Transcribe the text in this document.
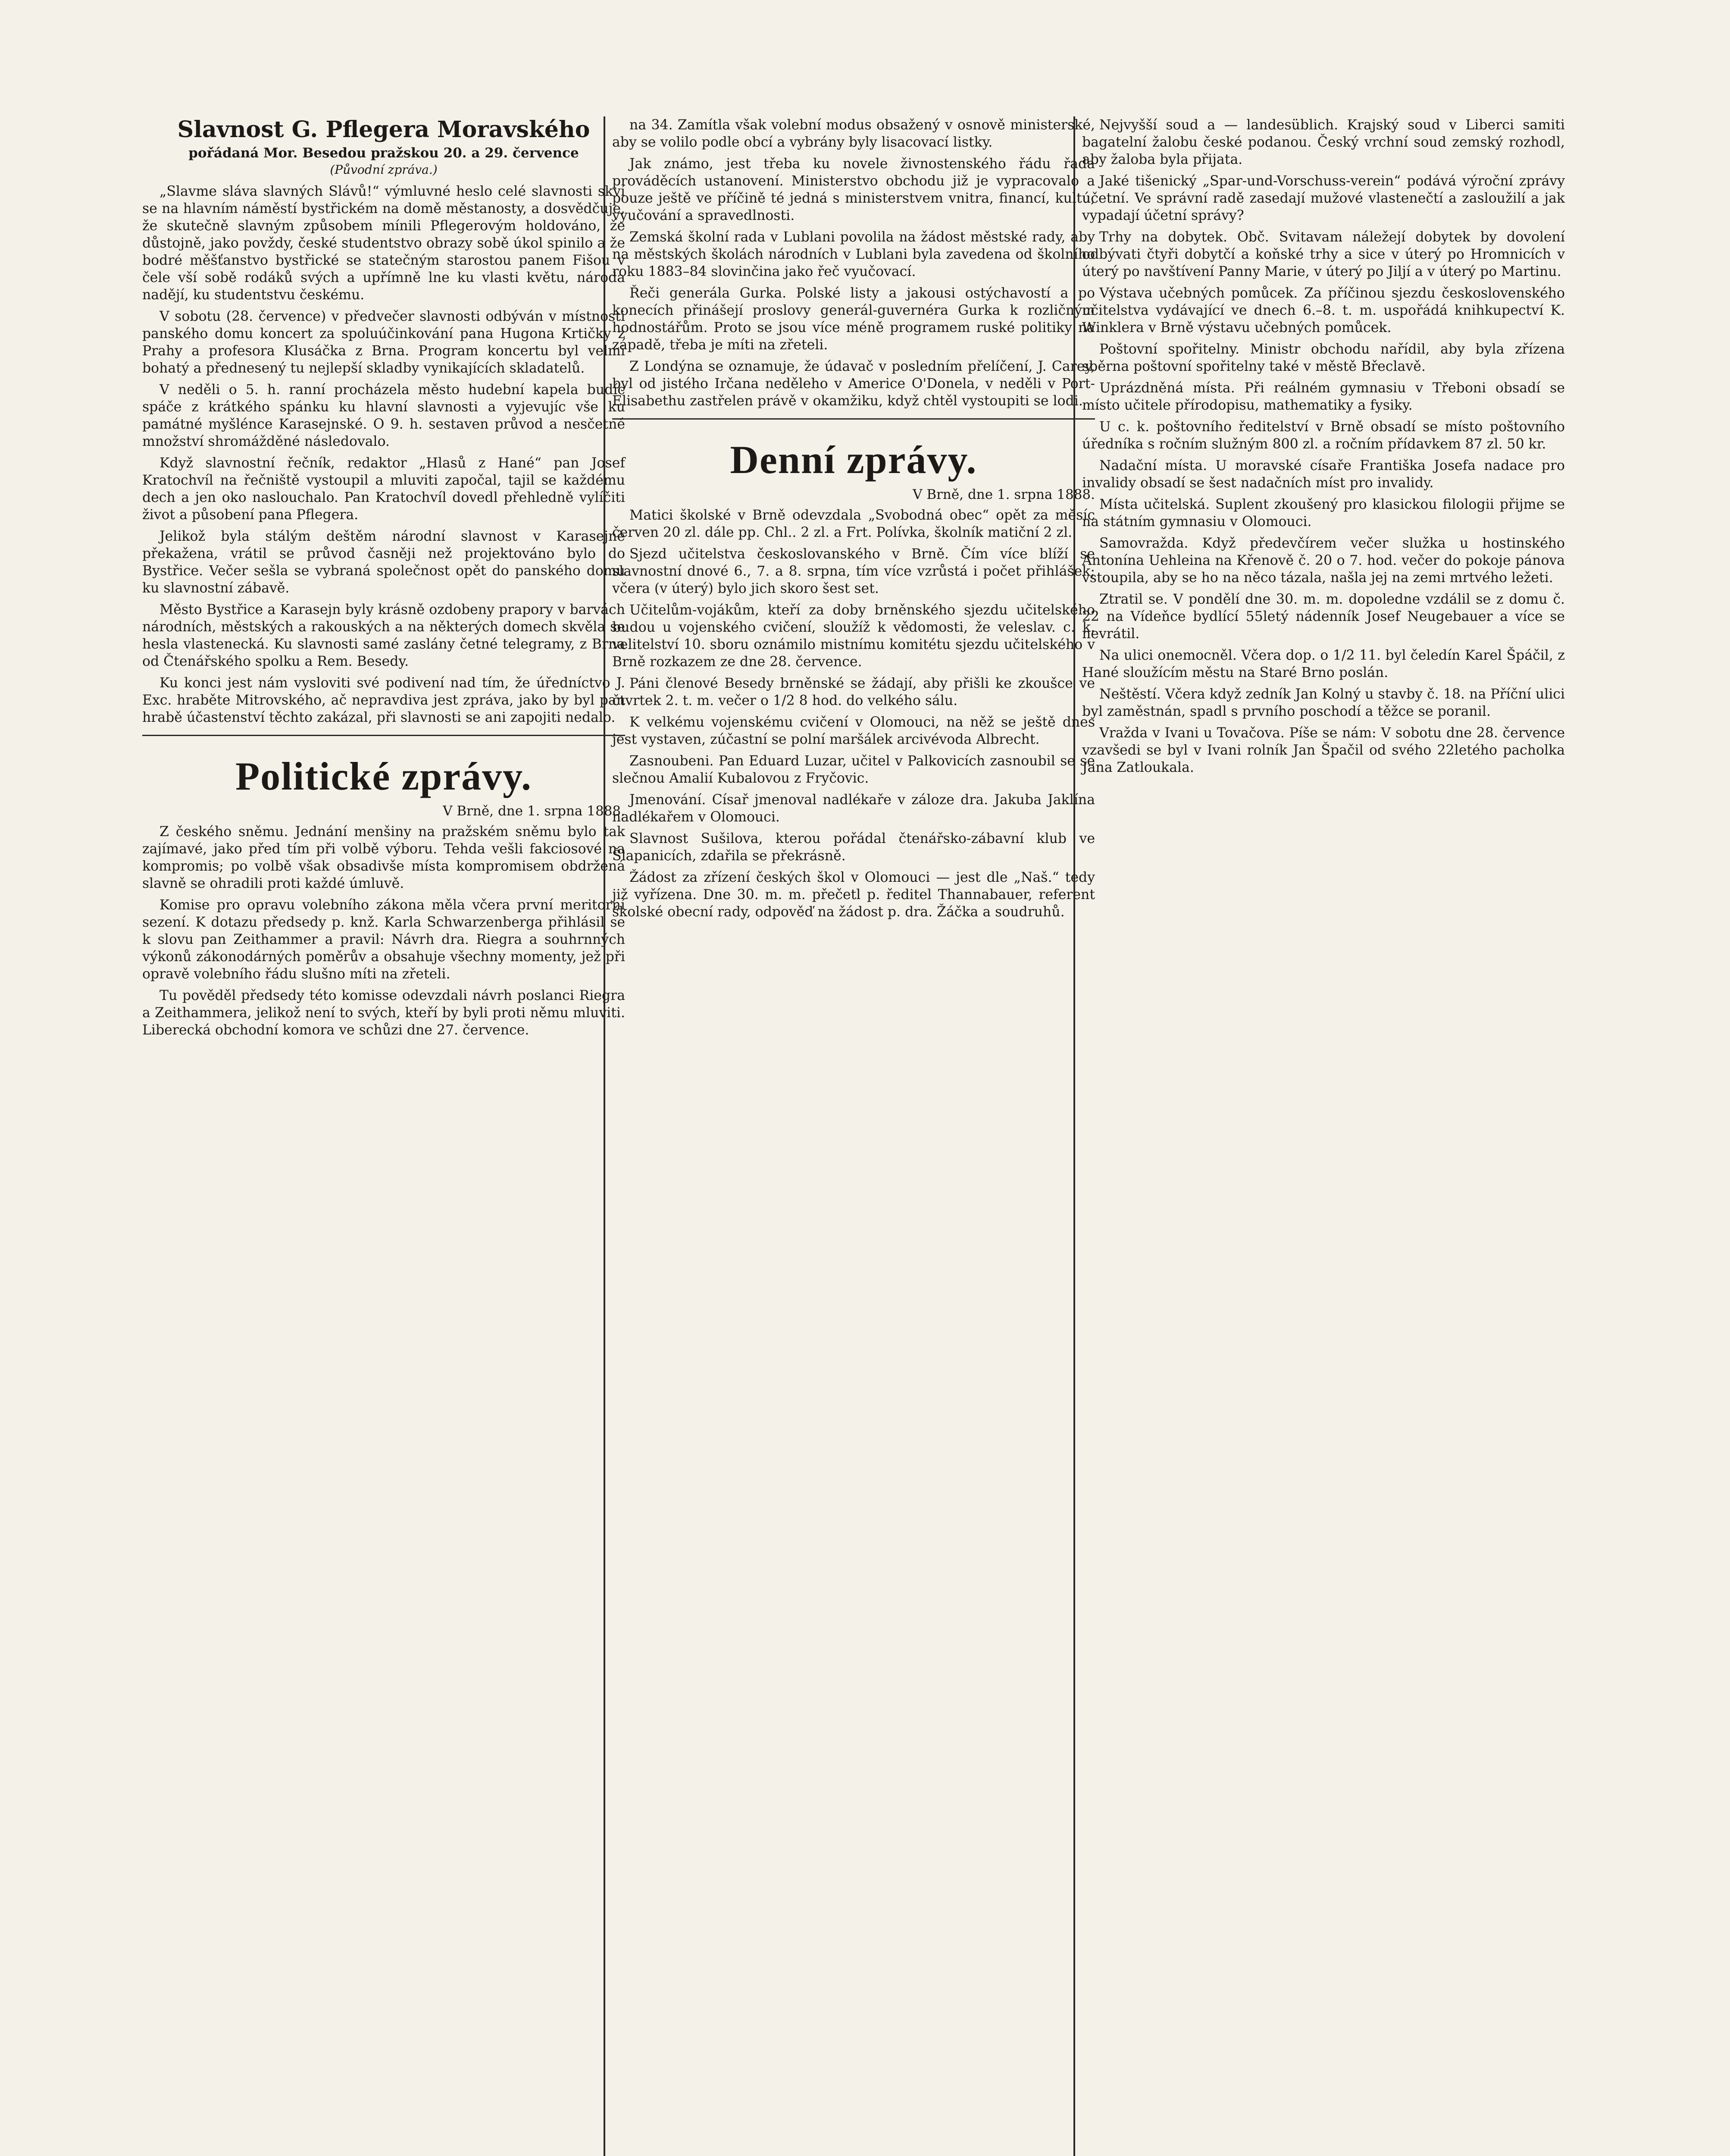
Slavnost G. Pflegera Moravského
pořádaná Mor. Besedou pražskou 20. a 29. července
(Původní zpráva.)

„Slavme sláva slavných Slávů!“ výmluvné heslo celé slavnosti skví se na hlavním náměstí bystřickém na domě městanosty, a dosvědčuje, že skutečně slavným způsobem mínili Pflegerovým holdováno, že důstojně, jako povždy, české studentstvo obrazy sobě úkol spinilo a že bodré měšťanstvo bystřické se statečným starostou panem Fišou v čele vší sobě rodáků svých a upřímně lne ku vlasti květu, národa nadějí, ku studentstvu českému.

V sobotu (28. července) v předvečer slavnosti odbýván v místnosti panského domu koncert za spoluúčinkování pana Hugona Krtičky z Prahy a profesora Klusáčka z Brna. Program koncertu byl velmi bohatý a přednesený tu nejlepší skladby vynikajících skladatelů.

V neděli o 5. h. ranní procházela město hudební kapela budíc spáče z krátkého spánku ku hlavní slavnosti a vyjevujíc vše ku památné myšlénce Karasejnské. O 9. h. sestaven průvod a nesčetné množství shromážděné následovalo.

Když slavnostní řečník, redaktor „Hlasů z Hané“ pan Josef Kratochvíl na řečniště vystoupil a mluviti započal, tajil se každému dech a jen oko naslouchalo. Pan Kratochvíl dovedl přehledně vylíčiti život a působení pana Pflegera.

Jelikož byla stálým deštěm národní slavnost v Karasejně překažena, vrátil se průvod časněji než projektováno bylo do Bystřice. Večer sešla se vybraná společnost opět do panského domu ku slavnostní zábavě.

Město Bystřice a Karasejn byly krásně ozdobeny prapory v barvách národních, městských a rakouských a na některých domech skvěla se hesla vlastenecká. Ku slavnosti samé zaslány četné telegramy, z Brna od Čtenářského spolku a Rem. Besedy.

Ku konci jest nám vysloviti své podivení nad tím, že úředníctvo J. Exc. hraběte Mitrovského, ač nepravdiva jest zpráva, jako by byl pan hrabě účastenství těchto zakázal, při slavnosti se ani zapojiti nedalo.

Politické zprávy.
V Brně, dne 1. srpna 1888.

Z českého sněmu. Jednání menšiny na pražském sněmu bylo tak zajímavé, jako před tím při volbě výboru. Tehda vešli fakciosové na kompromis; po volbě však obsadivše místa kompromisem obdržená slavně se ohradili proti každé úmluvě.

Komise pro opravu volebního zákona měla včera první meritorní sezení. K dotazu předsedy p. knž. Karla Schwarzenberga přihlásil se k slovu pan Zeithammer a pravil: Návrh dra. Riegra a souhrnných výkonů zákonodárných poměrův a obsahuje všechny momenty, jež při opravě volebního řádu slušno míti na zřeteli.

Tu pověděl předsedy této komisse odevzdali návrh poslanci Riegra a Zeithammera, jelikož není to svých, kteří by byli proti němu mluviti. Liberecká obchodní komora ve schůzi dne 27. července.

na 34. Zamítla však volební modus obsažený v osnově ministerské, aby se volilo podle obcí a vybrány byly lisacovací listky.

Jak známo, jest třeba ku novele živnostenského řádu řada prováděcích ustanovení. Ministerstvo obchodu již je vypracovalo a pouze ještě ve příčině té jedná s ministerstvem vnitra, financí, kultu, vyučování a spravedlnosti.

Zemská školní rada v Lublani povolila na žádost městské rady, aby na městských školách národních v Lublani byla zavedena od školního roku 1883–84 slovinčina jako řeč vyučovací.

Řeči generála Gurka. Polské listy a jakousi ostýchavostí a po konecích přinášejí proslovy generál-guvernéra Gurka k rozličným hodnostářům. Proto se jsou více méně programem ruské politiky na západě, třeba je míti na zřeteli.

Z Londýna se oznamuje, že údavač v posledním přelíčení, J. Carey, byl od jistého Irčana neděleho v Americe O'Donela, v neděli v Port-Elisabethu zastřelen právě v okamžiku, když chtěl vystoupiti se lodi.

Denní zprávy.
V Brně, dne 1. srpna 1888.

Matici školské v Brně odevzdala „Svobodná obec“ opět za měsíc červen 20 zl. dále pp. Chl.. 2 zl. a Frt. Polívka, školník matiční 2 zl.

Sjezd učitelstva českoslovanského v Brně. Čím více blíží se slavnostní dnové 6., 7. a 8. srpna, tím více vzrůstá i počet přihlášek; včera (v úterý) bylo jich skoro šest set.

Učitelům-vojákům, kteří za doby brněnského sjezdu učitelského budou u vojenského cvičení, sloužíž k vědomosti, že veleslav. c. k. velitelství 10. sboru oznámilo mistnímu komitétu sjezdu učitelského v Brně rozkazem ze dne 28. července.

Páni členové Besedy brněnské se žádají, aby přišli ke zkoušce ve čtvrtek 2. t. m. večer o 1/2 8 hod. do velkého sálu.

K velkému vojenskému cvičení v Olomouci, na něž se ještě dnes jest vystaven, zúčastní se polní maršálek arcivévoda Albrecht.

Zasnoubeni. Pan Eduard Luzar, učitel v Palkovicích zasnoubil se se slečnou Amalií Kubalovou z Fryčovic.

Jmenování. Císař jmenoval nadlékaře v záloze dra. Jakuba Jaklína nadlékařem v Olomouci.

Slavnost Sušilova, kterou pořádal čtenářsko-zábavní klub ve Šlapanicích, zdařila se překrásně.

Žádost za zřízení českých škol v Olomouci — jest dle „Naš.“ tedy již vyřízena. Dne 30. m. m. přečetl p. ředitel Thannabauer, referent školské obecní rady, odpověď na žádost p. dra. Žáčka a soudruhů.

Nejvyšší soud a — landesüblich. Krajský soud v Liberci samiti bagatelní žalobu české podanou. Český vrchní soud zemský rozhodl, aby žaloba byla přijata.

Jaké tišenický „Spar-und-Vorschuss-verein“ podává výroční zprávy účetní. Ve správní radě zasedají mužové vlastenečtí a zasloužilí a jak vypadají účetní správy?

Trhy na dobytek. Obč. Svitavam náležejí dobytek by dovolení odbývati čtyři dobytčí a koňské trhy a sice v úterý po Hromnicích v úterý po navštívení Panny Marie, v úterý po Jiljí a v úterý po Martinu.

Výstava učebných pomůcek. Za příčinou sjezdu československého učitelstva vydávající ve dnech 6.–8. t. m. uspořádá knihkupectví K. Winklera v Brně výstavu učebných pomůcek.

Poštovní spořitelny. Ministr obchodu nařídil, aby byla zřízena sběrna poštovní spořitelny také v městě Břeclavě.

Uprázdněná místa. Při reálném gymnasiu v Třeboni obsadí se místo učitele přírodopisu, mathematiky a fysiky.

U c. k. poštovního ředitelství v Brně obsadí se místo poštovního úředníka s ročním služným 800 zl. a ročním přídavkem 87 zl. 50 kr.

Nadační místa. U moravské císaře Františka Josefa nadace pro invalidy obsadí se šest nadačních míst pro invalidy.

Místa učitelská. Suplent zkoušený pro klasickou filologii přijme se na státním gymnasiu v Olomouci.

Samovražda. Když předevčírem večer služka u hostinského Antonína Uehleina na Křenově č. 20 o 7. hod. večer do pokoje pánova vstoupila, aby se ho na něco tázala, našla jej na zemi mrtvého ležeti.

Ztratil se. V pondělí dne 30. m. m. dopoledne vzdálil se z domu č. 22 na Vídeňce bydlící 55letý nádenník Josef Neugebauer a více se nevrátil.

Na ulici onemocněl. Včera dop. o 1/2 11. byl čeledín Karel Špáčil, z Hané sloužícím městu na Staré Brno poslán.

Neštěstí. Včera když zedník Jan Kolný u stavby č. 18. na Příční ulici byl zaměstnán, spadl s prvního poschodí a těžce se poranil.

Vražda v Ivani u Tovačova. Píše se nám: V sobotu dne 28. července vzavšedi se byl v Ivani rolník Jan Špačil od svého 22letého pacholka Jana Zatloukala.
